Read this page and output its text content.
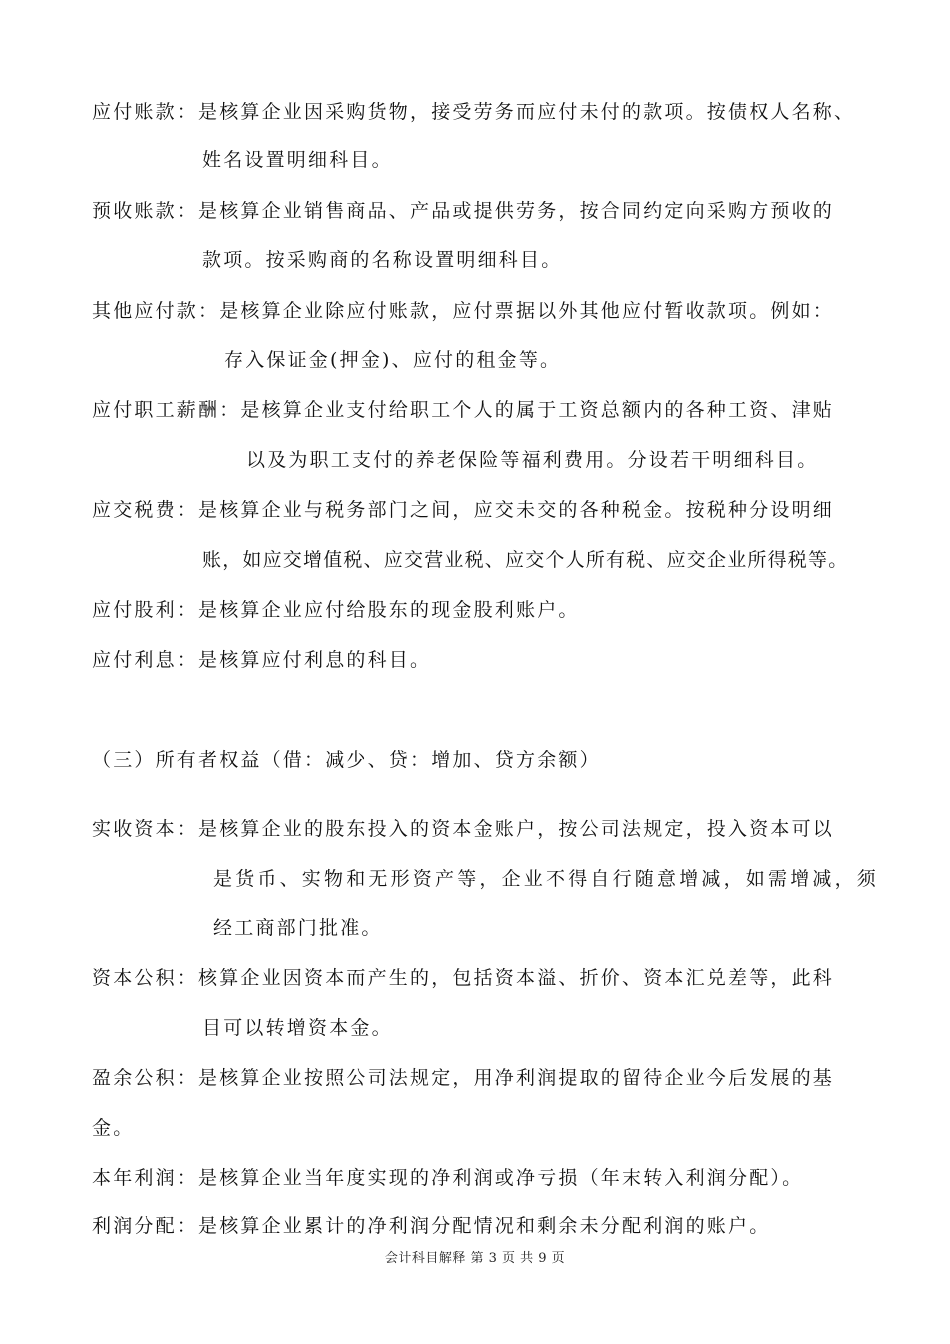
应付账款：是核算企业因采购货物，接受劳务而应付未付的款项。按债权人名称、
姓名设置明细科目。
预收账款：是核算企业销售商品、产品或提供劳务，按合同约定向采购方预收的
款项。按采购商的名称设置明细科目。
其他应付款：是核算企业除应付账款，应付票据以外其他应付暂收款项。例如：
存入保证金(押金)、应付的租金等。
应付职工薪酬：是核算企业支付给职工个人的属于工资总额内的各种工资、津贴
以及为职工支付的养老保险等福利费用。分设若干明细科目。
应交税费：是核算企业与税务部门之间，应交未交的各种税金。按税种分设明细
账，如应交增值税、应交营业税、应交个人所有税、应交企业所得税等。
应付股利：是核算企业应付给股东的现金股利账户。
应付利息：是核算应付利息的科目。
（三）所有者权益（借：减少、贷：增加、贷方余额）
实收资本：是核算企业的股东投入的资本金账户，按公司法规定，投入资本可以
是货币、实物和无形资产等，企业不得自行随意增减，如需增减，须
经工商部门批准。
资本公积：核算企业因资本而产生的，包括资本溢、折价、资本汇兑差等，此科
目可以转增资本金。
盈余公积：是核算企业按照公司法规定，用净利润提取的留待企业今后发展的基
金。
本年利润：是核算企业当年度实现的净利润或净亏损（年末转入利润分配）。
利润分配：是核算企业累计的净利润分配情况和剩余未分配利润的账户。
会计科目解释 第 3 页 共 9 页
